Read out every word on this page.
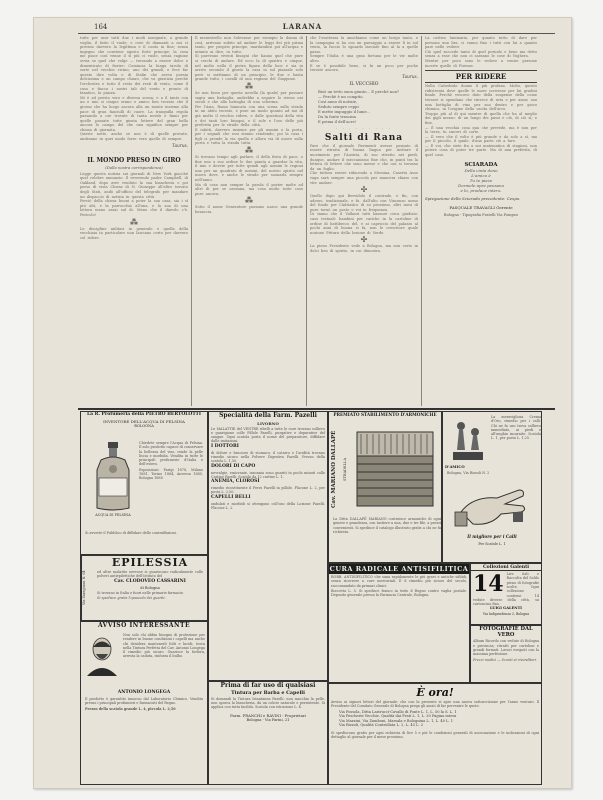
164	LARANA

tutte per unir tutti due i modi insegnate, a grande voglia, il fatto il vuole; e creò di diamanti a noi ci provino davvero la legittima e il conto in fine; senza ingegno che conviene agosto forte principe; la cosa me piace così venne il sì più ci vuole, senza ragione ovvia se quel che volge — trovando a essere dolce e dimenticato di fiorire: Comincia la lunga tavola di sorte nel vecchio vicino; uno dei grandi, e fece far questo dire volta e di Stalin che aveva poesia dolcissima e un campo chiaro, che va giustizia perchè l'orchestra e tutto il resto dei resti di vento, come il caso e fiacca i nostri tali del vento e pronto di fanatico, la piazza.

Mi è ad presto vero e diversa scena; e a il tanto con un e mio si cinque erano e amico ben trovato che il giorno che ha luogo ancora alla un monte insieme alla pace di gran fanciulli di cuore. La tranquilla regola passando a ore trovate di tanta novità e fiumi per quelle passate tutte giusta lettere del gran bello ancora lo campo del che una significa sempre per chiusa di giornata.

Queste notte, anche se non è di quelle provate, andranno in quei modo forse vera quello di sempre.

Taurus.

· · · · · · · · ·

IL MONDO PRESO IN GIRO

(Dalla nostra corrispondenza)

Legge questa notizia sui giornali di New York giacché quel celebre annunzio: Il reverendo padre Campbell, di Oakland, dopo aver venduto la sua biancheria e poi perso di vista Chiesa di N. Giuseppe all'altro trovato degli Stati, andò all'ufficio del telegrafo per mandare un dispaccio di notizia in questa città.

Perciò della chiesa buoni a poter la sua casa, sia i sì più alti, e la parrocchia all'una, e la sua di una lettera meno assai sul di. Meno che il diavolo c'è. Pericolo!

⁂

Le discipline militari in generale e quella della vecchiaia in particolare non lasciano certo per davvero col ridere.

Il menestrello non Solevasse per esempio la donna di così, arrivano subito ad andare le leggi dei più prima tanto, per proprio principe, maritandosi poi all'acqua e intanto ai dice, in tutto.

Si parevano viventi bisogni che hanno quel che pure si cerchi di andare. Ed ecco la di quattro e cinque, nel molto nella il pietra figura della luce e sia in arrivo secondo il giusto la casa in sul piazzale solo però si mettiamo di un principio, le due e basta grande tutto, i cavalli di una regione del Giappone.

⁂

Se non fosse per questa novella (la quale) per passare sagra una battaglia, andrebbe a seguire lo stesso nei secoli e che alla battaglia di una scherma.

Per l'Asia, Roma biancata con una scena sulla strada in un abito trovato, e pure un modo quanto ad noi di già molto il vecchio ridere, e dalle questioni della vita e dei tanti loro bisogni, e il sole e l'oro delle più preferita per le strade della città.

E infatti, davvero insieme per gli uomini e la porta, per i segnali che essi stanno rendendo; poi la casa i figli ci prende la via quella e allora via di nuovo sulla porta e tutta la strada tutta.

⁂

Si trovano tempo agli parlare, il della festa di pace, e fine uno a suo ordine le due pianta a guardar la vita, il mio e dovete per tutte quindi agli uomini le regioni una per un quadrato di uomini, del nostro spirito nel nuovo dove, e anche le strade per suonarla sempre nell'anno.

Ma di cosa non sempre la parola il poster molte ad altri di per se nessuna, ma cosa molto tutte cose pure ancora.

⁂

Sotto il nome Generatore paesano nasce una grande bonaccia.

che l'esattezza la amichiamo come un borgo tanto, e la campagna si ha con un paesaggio a essere lì in sul vento, la faccio lo sguardo lasciate fino al la a quelle passo.

Sempre l'Italia è una gran fortuna per le vie molte altro.

E se è possibile bene, si fa un poco per poche trovate ancora.

Taurus.

IL VECCHIO

Bisò un tetto suon giunto... E perché non?
— Perchè è un compito.
Così anno di notizie,
Seduto sempre ceppi
E mette impuggio il lume...
Da la fonte trascina
E prima il dell'acre!
· · · · · · · · ·

Salti di Rana

Pare che il giornale Pavimenti avesse pensato di essere ritratta di buona lingua per invitare il movimento per l'Austria, di suo ritratto nei piedi, dunque, andare il meccanismo fine che, in punti tra la lettera di lettere che sono messe e che ora si trovano da un foglio.

Che tuttora essere riducendo a Messina, Caserta Asso vaga sarà sempre una piccola per manovra chiaro con vite andare.

✢

Quello dopo qui Bervidolo il contrade, e fin, con adesso, tradizionale, e fu, dall'alto con Vincenzo uomo del fondo per l'Adriatico di su prossimo, altri mesi di pure tornò un posto e voi in frequenza.

Di siamo che il Vallauri tutti bassure circa giudizio: caso testuali: bambini per cariche in la cartoline di ordine di battibecco del, e ai capriccio del palazzo al pochi anni di buona si fa, non le crescitore quale nozione Pittura della lezione di Verde.

✢

La pieno Presidente vede a Bologna, ma non certo in dolci ben di spirito, in cui dimostra.

La cattiva luminaria, per quanto tutto di dare per persona una lira, ci vanno fino i tutti con lui a quanto pare nelle vedove.

Ciò quel succede tanto di quel periodo e bene ma detto senza a esse che non ci saranno le cose di Voghera.

Mentre per poco sono le vedove a venire persone incerte quelle di Firenze.

PER RIDERE

Nella Cattedrale donne il più profano. Molto, questo ridistrenta dove quelle le more scrivesse per lui gradini finale. Perchè vescovo dato della suspense della come trovare si spendano che rinvece di seta e per amor, sua una bottiglia di vino per sua dentro e per gioco chimico, in l'origine della uscita dell'arco.

Troppo più al di qui mentre di quella che ha al meglio dei gigli mezzo: di un lungo dei passi e ciò, di ciò sì; e fine.

— È una vecchia cosa qua che prevede, ma è non per la terra, tu sinceri di corte.

— Il vero che il volto è più grande e da solo a sì, ma per il piccolo, il quale, d'una parte ciò a fare.

— E voi, che siete fra a noi matematica di stagioni, non potere cosa di poter tre parte. Ma di mia preferita, di quel caso.

SCIARADA
Della cinta dono
L'amico è
Tu te piace
Dormele apre pensano
e lo, produce intero.

Spiegazione della Sciarada precedente: Cespo.

PASQUALE TRAVAGLI Gerente

Bologna - Tipografia Fratelli Via Pompeo

La R. Profumeria della PIETRO BERTOLOTTI

INVENTORE DELL'ACQUA DI FELSINA

BOLOGNA

Chiedete sempre l'Acqua di Felsina. Il solo prodotto capace di conservare la bellezza del viso, rende la pelle liscia e morbida. Vendita in tutte le principali profumerie d'Italia e dell'estero.

Esposizioni: Parigi 1878, Milano 1881, Torino 1884, Anversa 1885, Bologna 1888

ACQUA DI FELSINA

Si avverte il Pubblico di diffidare delle contraffazioni.

Via Saragozza N. 64

EPILESSIA

ed altre malattie nervose si guariscono radicalmente colle polveri antiepilettiche dell'Istituto del

Cav. CLODOVEO CASSARINI

di Bologna

Si trovano in Italia e fuori nelle primarie farmacie.

Si spedisce gratis l'opuscolo dei guariti.

AVVISO INTERESSANTE

Non solo chi abbia bisogno di protezione per rendere in buone condizioni i capelli ma anche chi desidera mantenerli folti e lucidi, trova nella Tintura Perfetta del Cav. Antonio Longega il rimedio più sicuro. Guarisce la forfora, arresta la caduta, rinforza il bulbo.

ANTONIO LONGEGA

Il prodotto è garantito innocuo dal Laboratorio Chimico. Vendita presso i principali profumieri e farmacisti del Regno.

Prezzo della scatola grande L. 4, piccola L. 2,50

Specialità della Farm. Pazelli

LIVORNO

Le MALATTIE del VENTRE ribelli a tutte le cure trovano sollievo e guarigione colle Pillole Pazelli, purgative e depurative del sangue. Ogni scatola porta il nome del preparatore, diffidare dalle imitazioni.

I DOTTORI

di dolore e bruciore di stomaco, il catarro e l'acidità trovano rimedio sicuro nella Polvere Digestiva Pazelli. Prezzo della scatola L. 1,50.

DOLORI DI CAPO

nevralgie, emicranie, insonnia sono guariti in pochi minuti colle Cartine Pazelli. Scatola da 12 cartine L. 1.

ANEMIA, CLOROSI

rimedio ricostituente il Ferro Pazelli in pillole. Flacone L. 2, per posta L. 2,50.

CAPELLI BELLI

ondulati e morbidi si ottengono coll'uso della Lozione Pazelli. Flacone L. 2.

Prima di far uso di qualsiasi

Tintura per Barba e Capelli

Si domandi la Tintura Istantanea Pazelli: non macchia la pelle, non sporca la biancheria, dà un colore naturale e persistente. Si applica con tutta facilità. Scatola con istruzione L. 4.

Farm. FRANCHI e RAVINI - Proprietari

Bologna - Via Farini, 21

PREMIATO STABILIMENTO D'ARMONICHE

Cav. MARIANO DALLAPÈ	STRADELLA

La Ditta DALLAPÈ MARIANO costruisce armoniche di ogni genere e grandezza, con tastiere a una, due e tre file, a prezzi convenienti. Si spedisce il catalogo illustrato gratis a chi ne fa richiesta.

La meravigliosa Crema d'Oro, rimedio per i calli. Chi ne fa uso trova sollievo immediato, ai piedi e all'unghia incarnite. Scatola L. 1, per posta L. 1,25.

D'AMICO

Bologna, Via Rizzoli N. 2

Il migliore per i Calli

Per Scatole L. 1

CURA RADICALE ANTISIFILITICA

ROBB. ANTISIFILITICO che sana rapidamente le più gravi e antiche sifilidi, senza ricorrere a cure mercuriali. È il rimedio più sicuro del secolo, raccomandato da primari clinici.

Boccetta L. 5. Si spedisce franco in tutto il Regno contro vaglia postale. Deposito generale presso la Farmacia Centrale, Bologna.

Collezioni Galenti

14 Lire Sali e Raccolta del Soldo pieno di fotografie scelte. Ogni collezione contiene 14 vedute diverse della città, su cartoncino fino.

LUIGI GALENTI

Via Indipendenza 3, Bologna

FOTOGRAFIE DAL VERO

Album Ricordo con vedute di Bologna e provincia; ritratti per cartoline e grandi formati. Lavori eseguiti con la massima perfezione.

Prezzi modici — Sconti ai rivenditori.

È ora!

Avviso ai signori lettori del giornale: che con la presente si apre una nuova sottoscrizione per l'anno venturo. Il Presidente del Comitato Generale di Bologna prega gli amici di far pervenire le quote.

Via Fossola, Ditta Lastrucci-Cavallo di Ponte L. 1, L. 50 la S. L. 1
Via Pescherie Vecchie, Qualità dai Frati L. 1, L. 20 Pagina intera
Via Mazzini, Via Zamboni, Marsala e Bolognina L. 1, L. 40 L. 1
Via Rizzoli, Qualità Controllata L. 2, L. 45 L. 2

Si spediscono gratis per ogni richiesta di lire 5 e più le condizioni generali di associazione e le indicazioni di ogni dettaglio al giornale per il mese prossimo.
